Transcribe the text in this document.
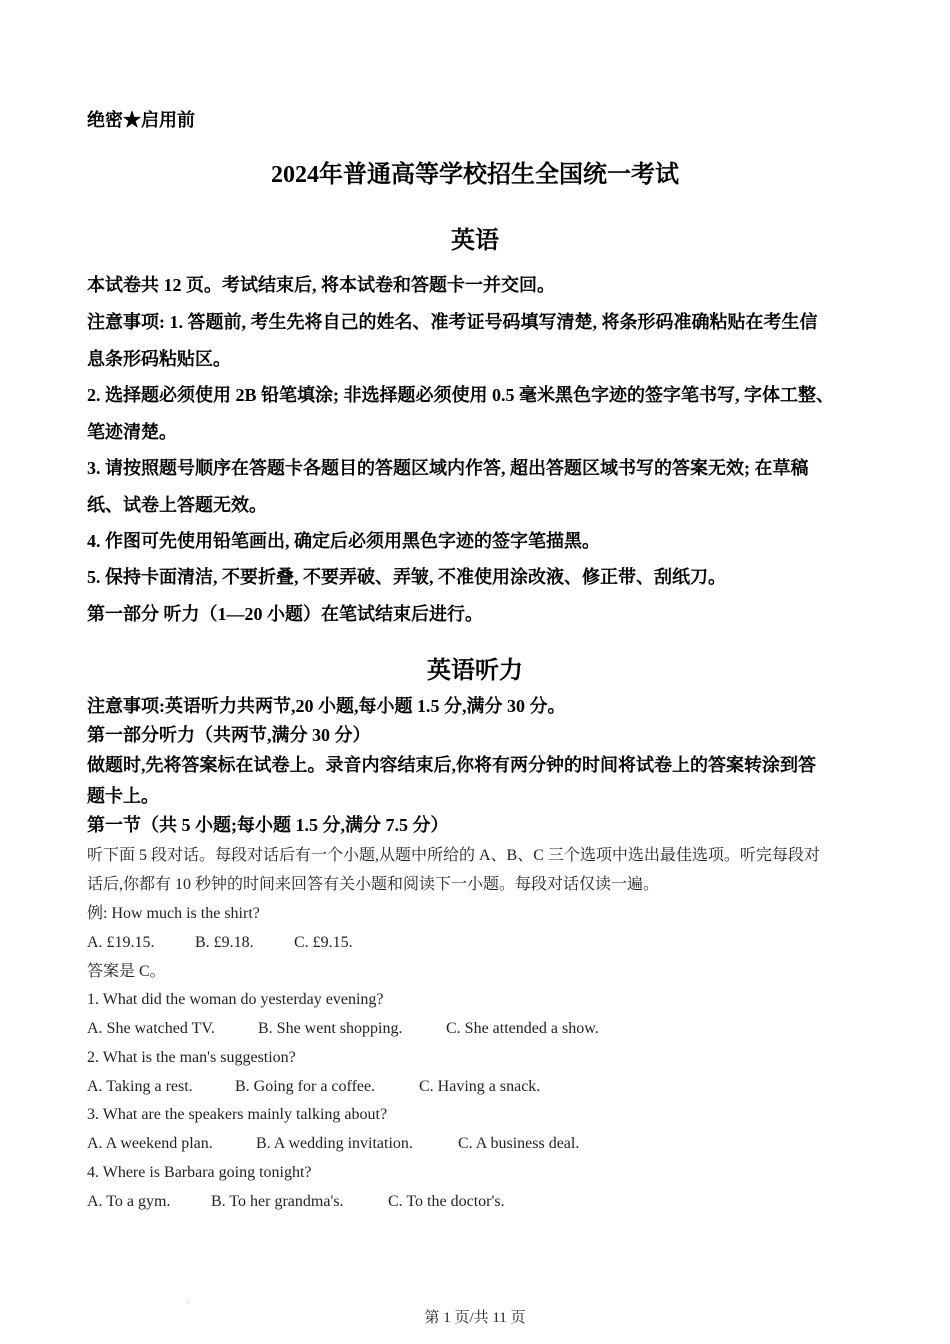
绝密★启用前
2024年普通高等学校招生全国统一考试
英语
本试卷共 12 页。考试结束后, 将本试卷和答题卡一并交回。
注意事项: 1. 答题前, 考生先将自己的姓名、准考证号码填写清楚, 将条形码准确粘贴在考生信
息条形码粘贴区。
2. 选择题必须使用 2B 铅笔填涂; 非选择题必须使用 0.5 毫米黑色字迹的签字笔书写, 字体工整、
笔迹清楚。
3. 请按照题号顺序在答题卡各题目的答题区域内作答, 超出答题区域书写的答案无效; 在草稿
纸、试卷上答题无效。
4. 作图可先使用铅笔画出, 确定后必须用黑色字迹的签字笔描黑。
5. 保持卡面清洁, 不要折叠, 不要弄破、弄皱, 不准使用涂改液、修正带、刮纸刀。
第一部分 听力（1—20 小题）在笔试结束后进行。
英语听力
注意事项:英语听力共两节,20 小题,每小题 1.5 分,满分 30 分。
第一部分听力（共两节,满分 30 分）
做题时,先将答案标在试卷上。录音内容结束后,你将有两分钟的时间将试卷上的答案转涂到答
题卡上。
第一节（共 5 小题;每小题 1.5 分,满分 7.5 分）
听下面 5 段对话。每段对话后有一个小题,从题中所给的 A、B、C 三个选项中选出最佳选项。听完每段对
话后,你都有 10 秒钟的时间来回答有关小题和阅读下一小题。每段对话仅读一遍。
例: How much is the shirt?
A. £19.15.	B. £9.18.	C. £9.15.
答案是 C。
1. What did the woman do yesterday evening?
A. She watched TV.	B. She went shopping.	C. She attended a show.
2. What is the man's suggestion?
A. Taking a rest.	B. Going for a coffee.	C. Having a snack.
3. What are the speakers mainly talking about?
A. A weekend plan.	B. A wedding invitation.	C. A business deal.
4. Where is Barbara going tonight?
A. To a gym.	B. To her grandma's.	C. To the doctor's.
第 1 页/共 11 页
